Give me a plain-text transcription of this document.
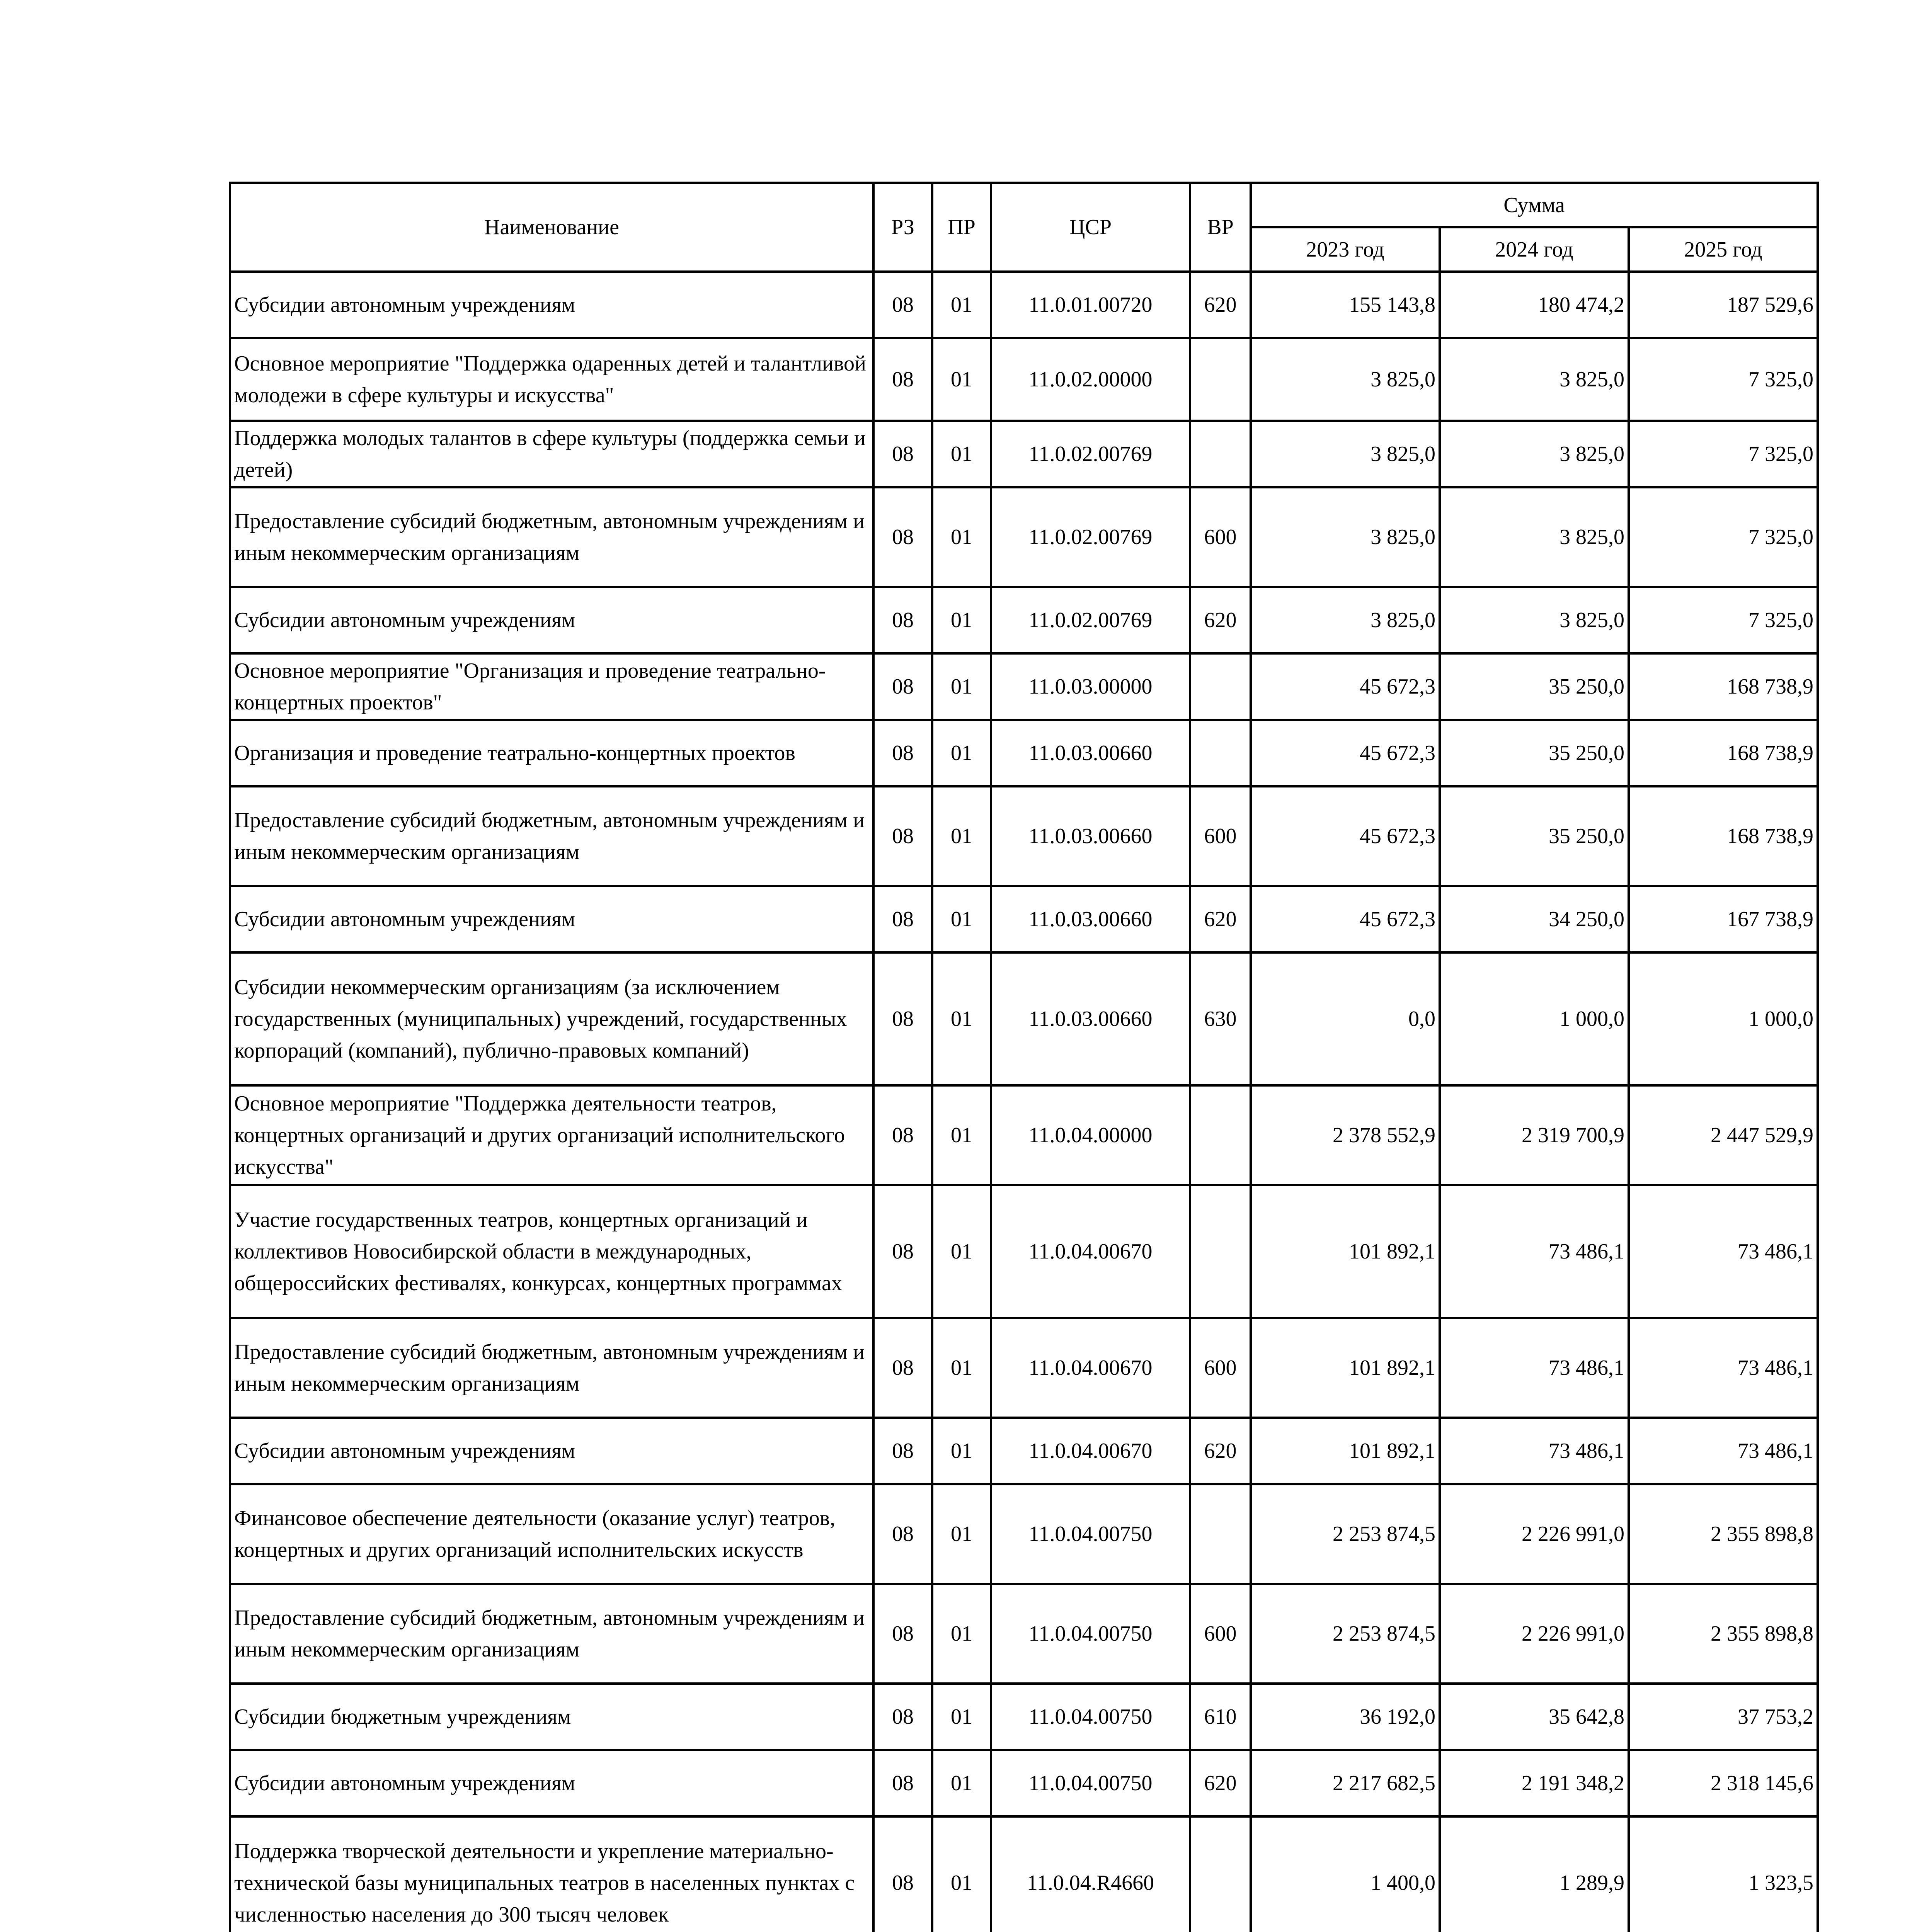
Наименование	РЗ	ПР	ЦСР	ВР	Сумма		
					2023 год	2024 год	2025 год
Субсидии автономным учреждениям	08	01	11.0.01.00720	620	155 143,8	180 474,2	187 529,6
Основное мероприятие "Поддержка одаренных детей и талантливой молодежи в сфере культуры и искусства"	08	01	11.0.02.00000		3 825,0	3 825,0	7 325,0
Поддержка молодых талантов в сфере культуры (поддержка семьи и детей)	08	01	11.0.02.00769		3 825,0	3 825,0	7 325,0
Предоставление субсидий бюджетным, автономным учреждениям и иным некоммерческим организациям	08	01	11.0.02.00769	600	3 825,0	3 825,0	7 325,0
Субсидии автономным учреждениям	08	01	11.0.02.00769	620	3 825,0	3 825,0	7 325,0
Основное мероприятие "Организация и проведение театрально-концертных проектов"	08	01	11.0.03.00000		45 672,3	35 250,0	168 738,9
Организация и проведение театрально-концертных проектов	08	01	11.0.03.00660		45 672,3	35 250,0	168 738,9
Предоставление субсидий бюджетным, автономным учреждениям и иным некоммерческим организациям	08	01	11.0.03.00660	600	45 672,3	35 250,0	168 738,9
Субсидии автономным учреждениям	08	01	11.0.03.00660	620	45 672,3	34 250,0	167 738,9
Субсидии некоммерческим организациям (за исключением государственных (муниципальных) учреждений, государственных корпораций (компаний), публично-правовых компаний)	08	01	11.0.03.00660	630	0,0	1 000,0	1 000,0
Основное мероприятие "Поддержка деятельности театров, концертных организаций и других организаций исполнительского искусства"	08	01	11.0.04.00000		2 378 552,9	2 319 700,9	2 447 529,9
Участие государственных театров, концертных организаций и коллективов Новосибирской области в международных, общероссийских фестивалях, конкурсах, концертных программах	08	01	11.0.04.00670		101 892,1	73 486,1	73 486,1
Предоставление субсидий бюджетным, автономным учреждениям и иным некоммерческим организациям	08	01	11.0.04.00670	600	101 892,1	73 486,1	73 486,1
Субсидии автономным учреждениям	08	01	11.0.04.00670	620	101 892,1	73 486,1	73 486,1
Финансовое обеспечение деятельности (оказание услуг) театров, концертных и других организаций исполнительских искусств	08	01	11.0.04.00750		2 253 874,5	2 226 991,0	2 355 898,8
Предоставление субсидий бюджетным, автономным учреждениям и иным некоммерческим организациям	08	01	11.0.04.00750	600	2 253 874,5	2 226 991,0	2 355 898,8
Субсидии бюджетным учреждениям	08	01	11.0.04.00750	610	36 192,0	35 642,8	37 753,2
Субсидии автономным учреждениям	08	01	11.0.04.00750	620	2 217 682,5	2 191 348,2	2 318 145,6
Поддержка творческой деятельности и укрепление материально-технической базы муниципальных театров в населенных пунктах с численностью населения до 300 тысяч человек	08	01	11.0.04.R4660		1 400,0	1 289,9	1 323,5
